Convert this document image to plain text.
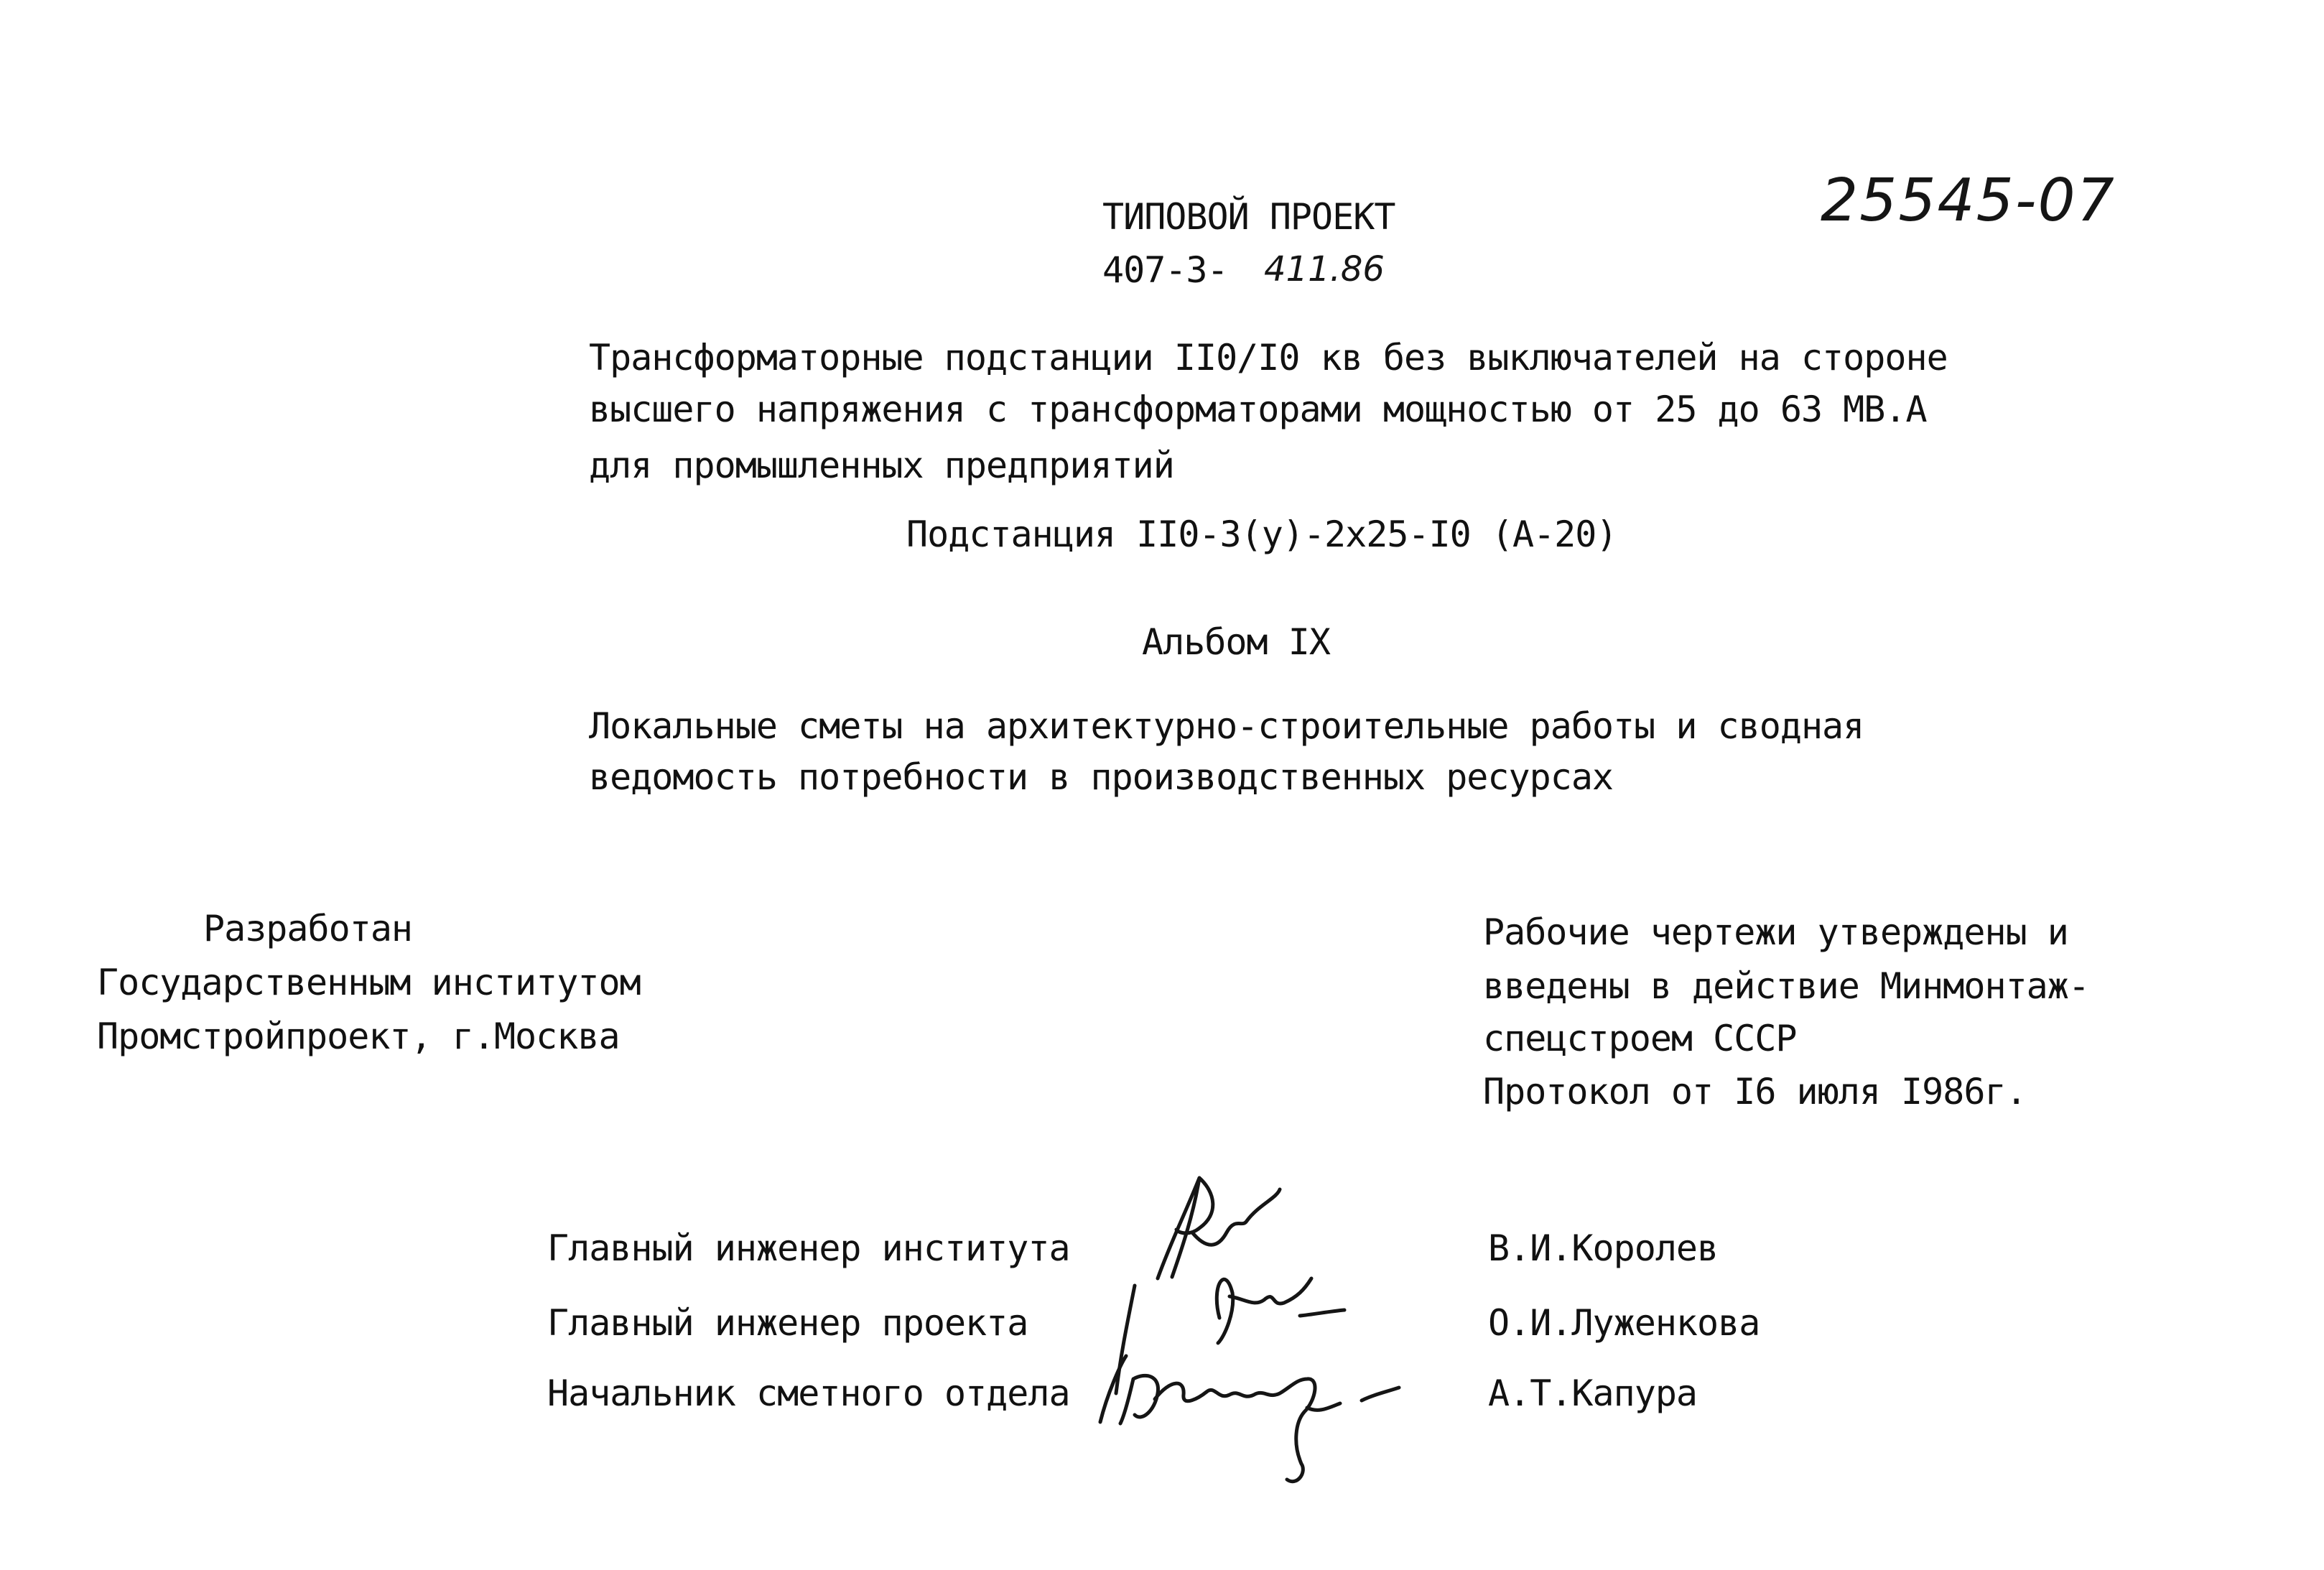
ТИПОВОЙ ПРОЕКТ
407-3- 411.86
25545-07
Трансформаторные подстанции II0/I0 кв без выключателей на стороне
высшего напряжения с трансформаторами мощностью от 25 до 63 МВ.А
для промышленных предприятий
Подстанция II0-3(у)-2х25-I0 (А-20)
Альбом IX
Локальные сметы на архитектурно-строительные работы и сводная
ведомость потребности в производственных ресурсах
Разработан
Государственным институтом
Промстройпроект, г.Москва
Рабочие чертежи утверждены и
введены в действие Минмонтаж-
спецстроем СССР
Протокол от I6 июля I986г.
Главный инженер института
Главный инженер проекта
Начальник сметного отдела
В.И.Королев
О.И.Луженкова
А.Т.Капура
